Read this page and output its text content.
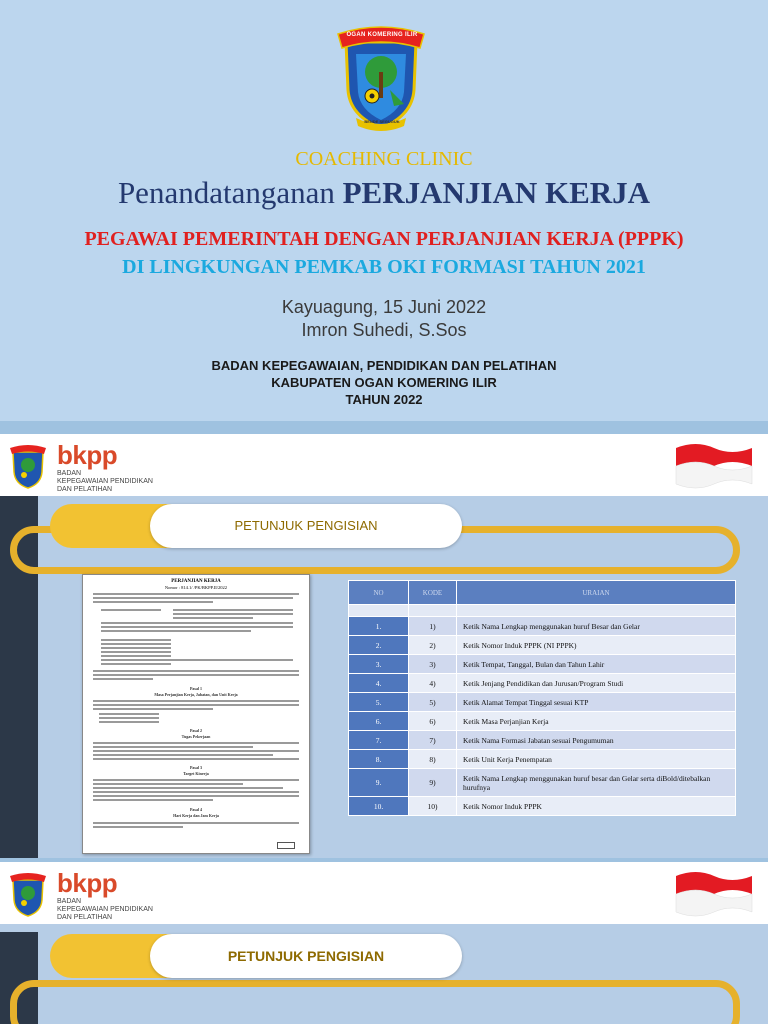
OGAN KOMERING ILIR
BENDE SEGUGUK
COACHING CLINIC
Penandatanganan PERJANJIAN KERJA
PEGAWAI PEMERINTAH DENGAN PERJANJIAN KERJA (PPPK)
DI LINGKUNGAN PEMKAB OKI FORMASI TAHUN 2021
Kayuagung, 15 Juni 2022
Imron Suhedi, S.Sos
BADAN KEPEGAWAIAN, PENDIDIKAN DAN PELATIHAN
KABUPATEN OGAN KOMERING ILIR
TAHUN 2022
bkpp
BADAN
KEPEGAWAIAN PENDIDIKAN
DAN PELATIHAN
PETUNJUK PENGISIAN
PERJANJIAN KERJA
Nomor : 814.1/ /PK/BKPP.II/2022
Pasal 1
Masa Perjanjian Kerja, Jabatan, dan Unit Kerja
Pasal 2
Tugas Pekerjaan
Pasal 3
Target Kinerja
Pasal 4
Hari Kerja dan Jam Kerja
NO	KODE	URAIAN

1.	1)	Ketik Nama Lengkap menggunakan huruf Besar dan Gelar
2.	2)	Ketik Nomor Induk PPPK (NI PPPK)
3.	3)	Ketik Tempat, Tanggal, Bulan dan Tahun Lahir
4.	4)	Ketik Jenjang Pendidikan dan Jurusan/Program Studi
5.	5)	Ketik Alamat Tempat Tinggal sesuai KTP
6.	6)	Ketik Masa Perjanjian Kerja
7.	7)	Ketik Nama Formasi Jabatan sesuai Pengumuman
8.	8)	Ketik Unit Kerja Penempatan
9.	9)	Ketik Nama Lengkap menggunakan huruf besar dan Gelar serta diBold/ditebalkan hurufnya
10.	10)	Ketik Nomor Induk PPPK
bkpp
BADAN
KEPEGAWAIAN PENDIDIKAN
DAN PELATIHAN
PETUNJUK PENGISIAN
